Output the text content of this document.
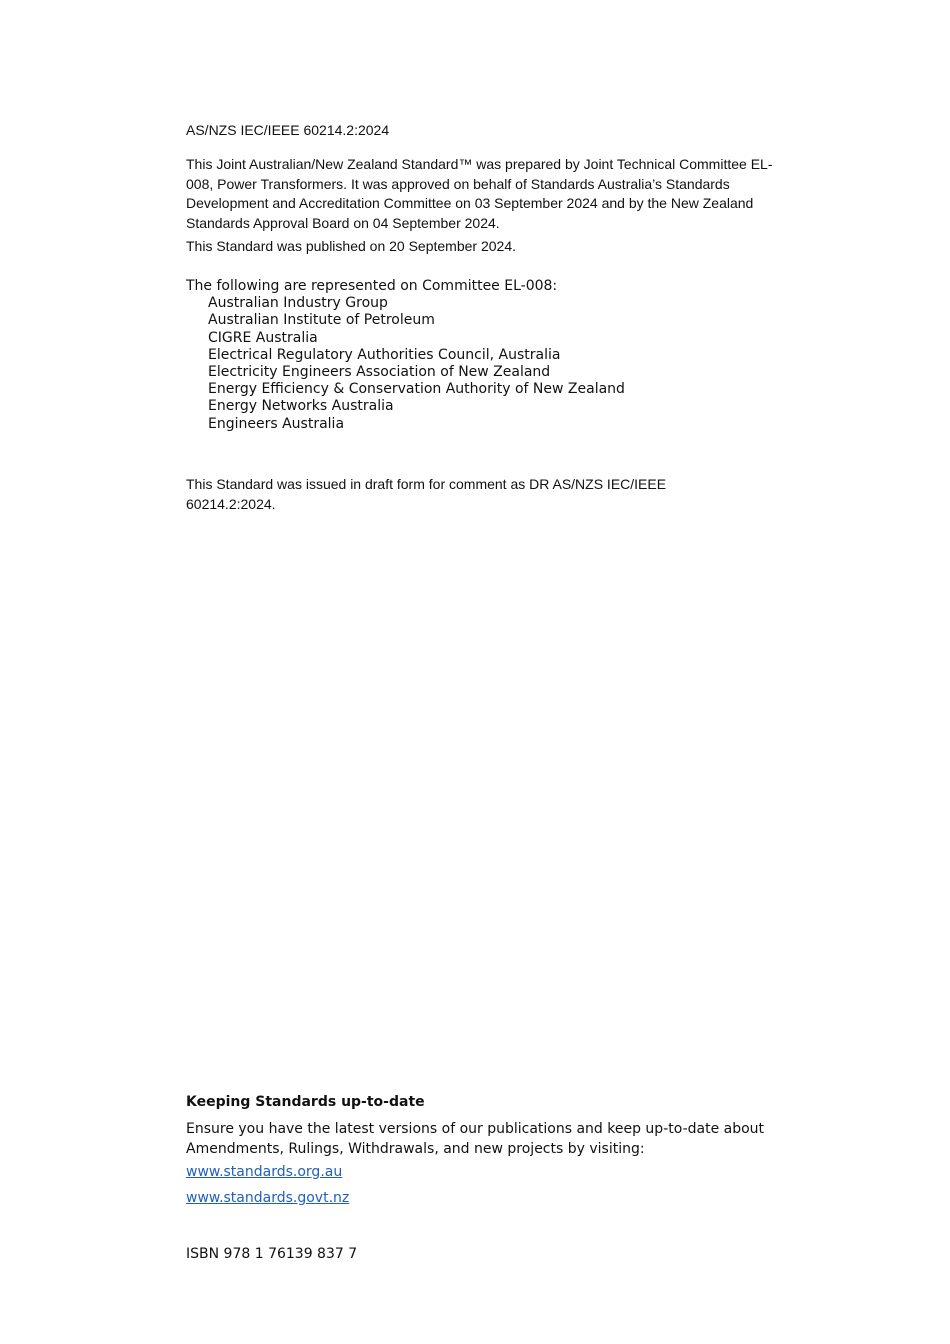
AS/NZS IEC/IEEE 60214.2:2024
This Joint Australian/New Zealand Standard™ was prepared by Joint Technical Committee EL-008, Power Transformers. It was approved on behalf of Standards Australia’s Standards Development and Accreditation Committee on 03 September 2024 and by the New Zealand Standards Approval Board on 04 September 2024.
This Standard was published on 20 September 2024.
The following are represented on Committee EL-008:
Australian Industry Group
Australian Institute of Petroleum
CIGRE Australia
Electrical Regulatory Authorities Council, Australia
Electricity Engineers Association of New Zealand
Energy Efficiency & Conservation Authority of New Zealand
Energy Networks Australia
Engineers Australia
This Standard was issued in draft form for comment as DR AS/NZS IEC/IEEE 60214.2:2024.
Keeping Standards up-to-date
Ensure you have the latest versions of our publications and keep up-to-date about Amendments, Rulings, Withdrawals, and new projects by visiting:
www.standards.org.au
www.standards.govt.nz
ISBN 978 1 76139 837 7
